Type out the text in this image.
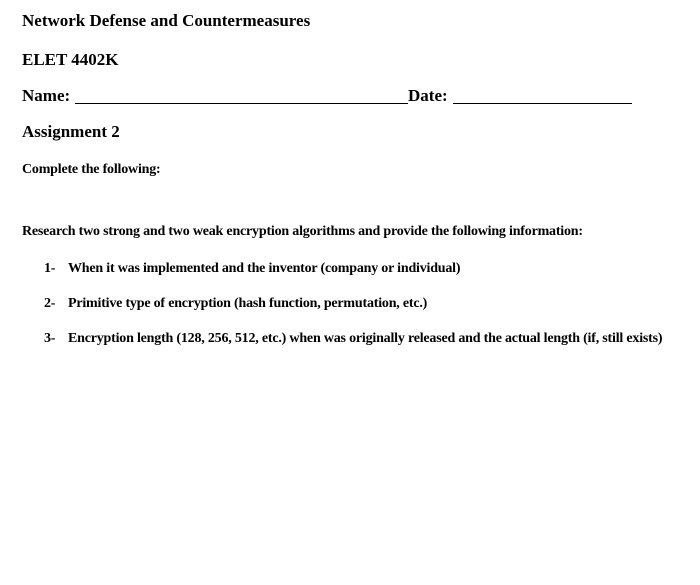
Network Defense and Countermeasures
ELET 4402K
Name:	Date:
Assignment 2
Complete the following:
Research two strong and two weak encryption algorithms and provide the following information:
1- When it was implemented and the inventor (company or individual)
2- Primitive type of encryption (hash function, permutation, etc.)
3- Encryption length (128, 256, 512, etc.) when was originally released and the actual length (if, still exists)
